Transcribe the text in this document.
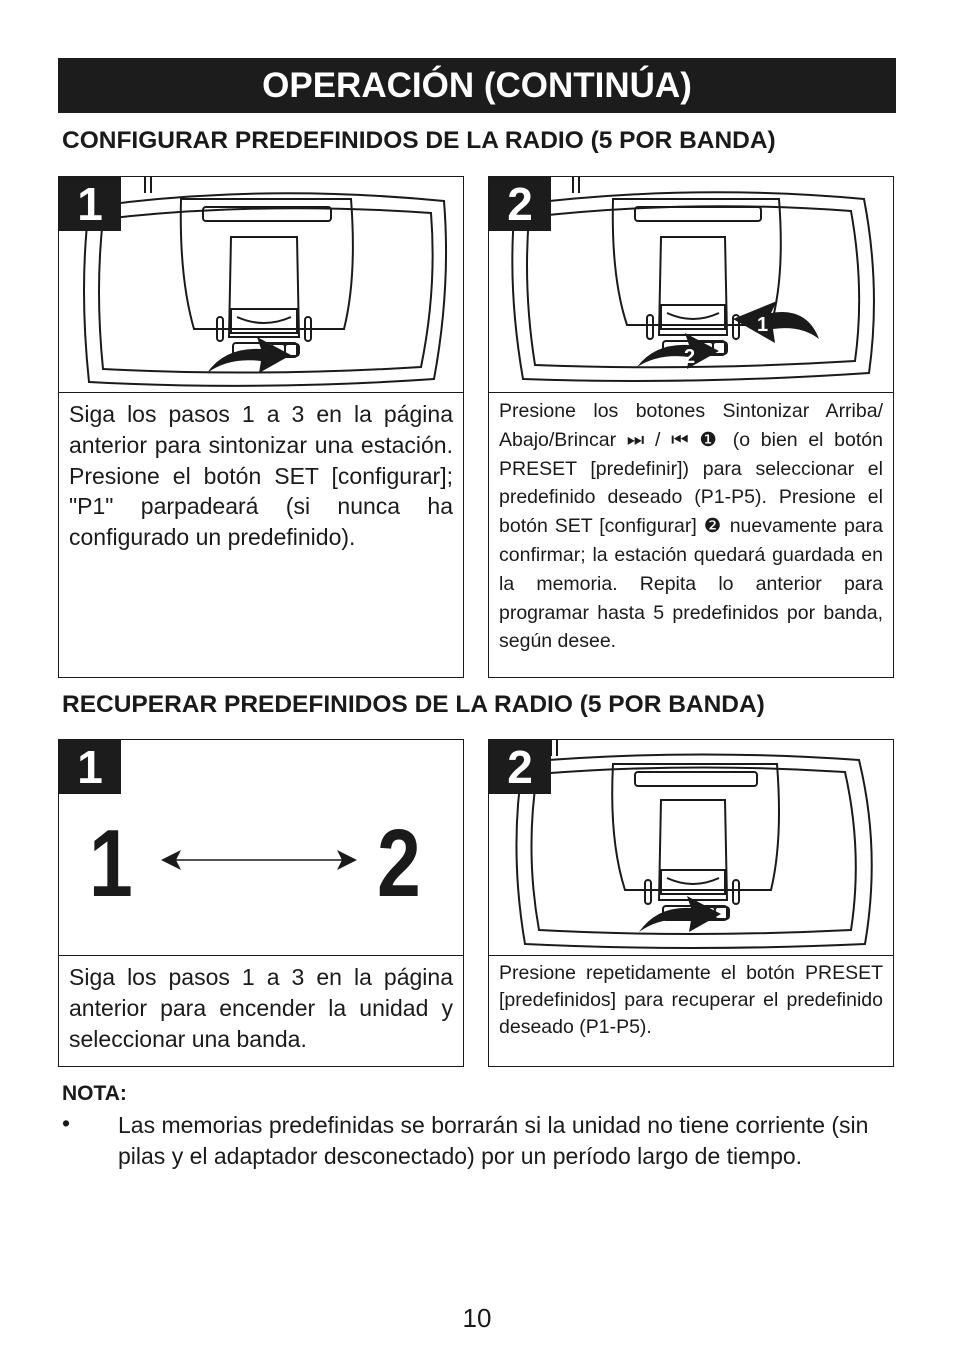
OPERACIÓN (CONTINÚA)
CONFIGURAR PREDEFINIDOS DE LA RADIO (5 POR BANDA)
1
Siga los pasos 1 a 3 en la página anterior para sintonizar una estación. Presione el botón SET [configurar]; "P1" parpadeará (si nunca ha configurado un predefinido).
2
1
2
Presione los botones Sintonizar Arriba/ Abajo/Brincar ⏭ / ⏮ ❶ (o bien el botón PRESET [predefinir]) para seleccionar el predefinido deseado (P1-P5). Presione el botón SET [configurar] ❷ nuevamente para confirmar; la estación quedará guardada en la memoria. Repita lo anterior para programar hasta 5 predefinidos por banda, según desee.
RECUPERAR PREDEFINIDOS DE LA RADIO (5 POR BANDA)
1
1	2
Siga los pasos 1 a 3 en la página anterior para encender la unidad y seleccionar una banda.
2
Presione repetidamente el botón PRESET [predefinidos] para recuperar el predefinido deseado (P1-P5).
NOTA:
• Las memorias predefinidas se borrarán si la unidad no tiene corriente (sin pilas y el adaptador desconectado) por un período largo de tiempo.
10
